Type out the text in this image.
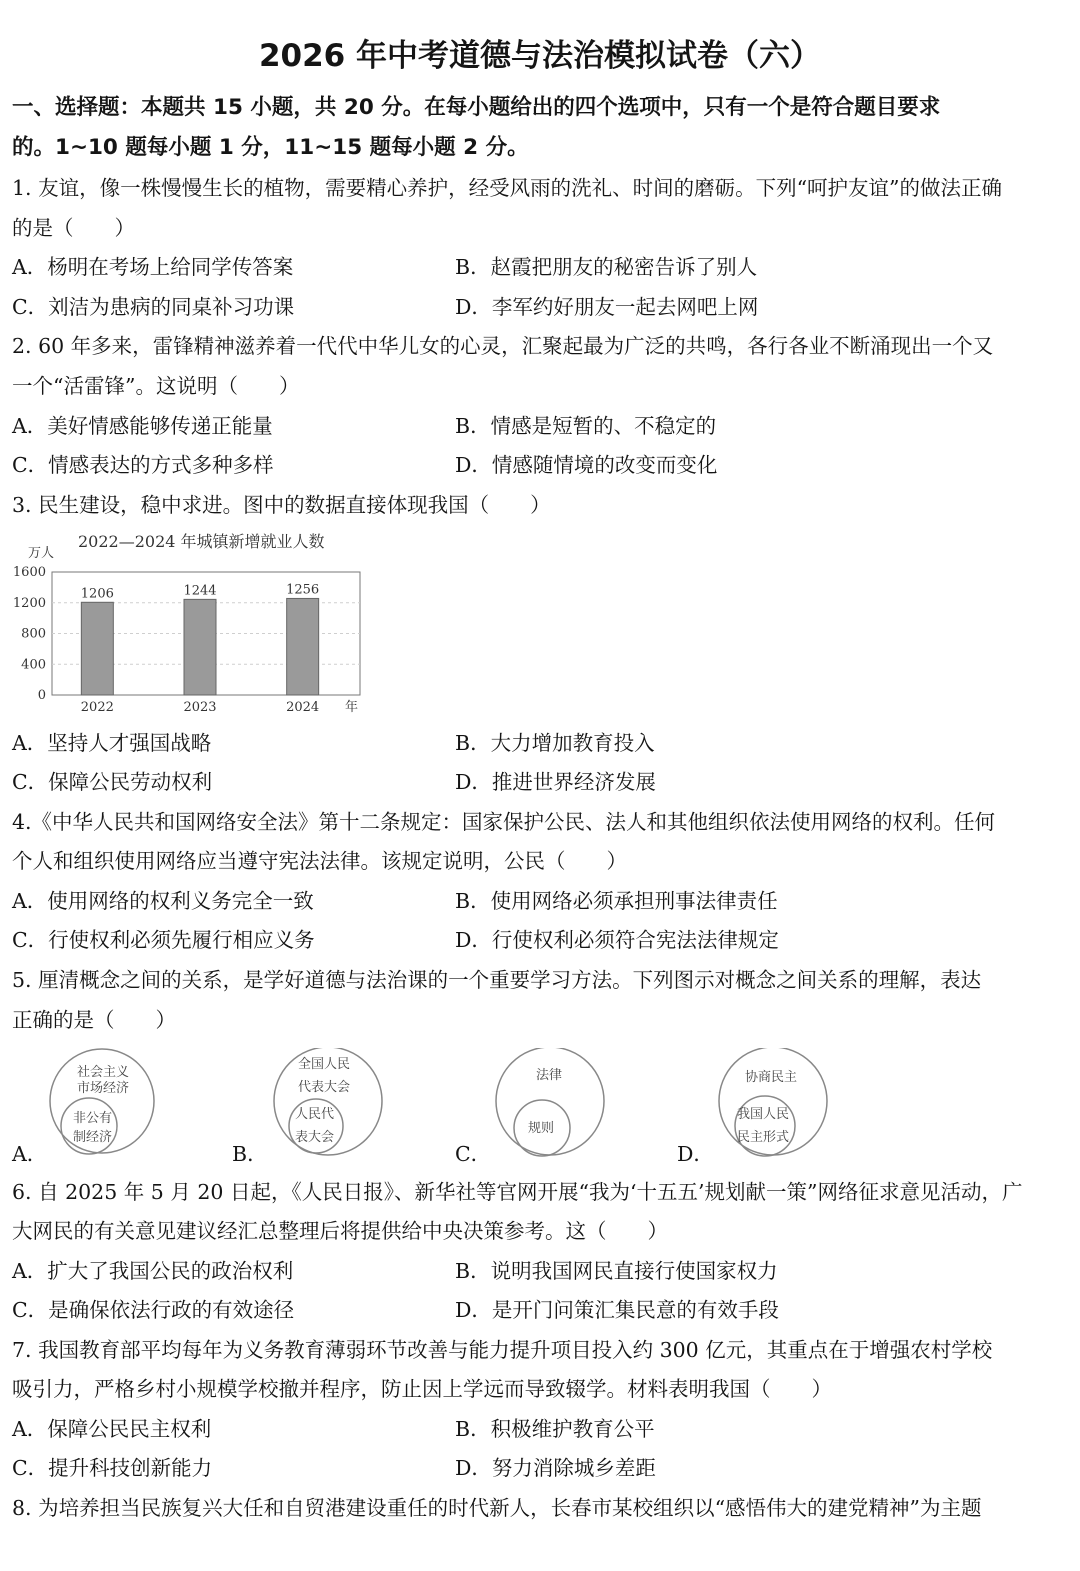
2026 年中考道德与法治模拟试卷（六）
一、选择题：本题共 15 小题，共 20 分。在每小题给出的四个选项中，只有一个是符合题目要求
的。1~10 题每小题 1 分，11~15 题每小题 2 分。
1. 友谊，像一株慢慢生长的植物，需要精心养护，经受风雨的洗礼、时间的磨砺。下列“呵护友谊”的做法正确
的是（　　）
A．杨明在考场上给同学传答案	B．赵霞把朋友的秘密告诉了别人
C．刘洁为患病的同桌补习功课	D．李军约好朋友一起去网吧上网
2. 60 年多来，雷锋精神滋养着一代代中华儿女的心灵，汇聚起最为广泛的共鸣，各行各业不断涌现出一个又
一个“活雷锋”。这说明（　　）
A．美好情感能够传递正能量	B．情感是短暂的、不稳定的
C．情感表达的方式多种多样	D．情感随情境的改变而变化
3. 民生建设，稳中求进。图中的数据直接体现我国（　　）
2022—2024 年城镇新增就业人数
万人
0
400
800
1200
1600
1206	1244	1256
2022	2023	2024 年
A．坚持人才强国战略	B．大力增加教育投入
C．保障公民劳动权利	D．推进世界经济发展
4.《中华人民共和国网络安全法》第十二条规定：国家保护公民、法人和其他组织依法使用网络的权利。任何
个人和组织使用网络应当遵守宪法法律。该规定说明，公民（　　）
A．使用网络的权利义务完全一致	B．使用网络必须承担刑事法律责任
C．行使权利必须先履行相应义务	D．行使权利必须符合宪法法律规定
5. 厘清概念之间的关系，是学好道德与法治课的一个重要学习方法。下列图示对概念之间关系的理解，表达
正确的是（　　）
社会主义
市场经济
非公有
制经济
A．
全国人民
代表大会
人民代
表大会
B．
法律
规则
C．
协商民主
我国人民
民主形式
D．
6. 自 2025 年 5 月 20 日起，《人民日报》、新华社等官网开展“我为‘十五五’规划献一策”网络征求意见活动，广
大网民的有关意见建议经汇总整理后将提供给中央决策参考。这（　　）
A．扩大了我国公民的政治权利	B．说明我国网民直接行使国家权力
C．是确保依法行政的有效途径	D．是开门问策汇集民意的有效手段
7. 我国教育部平均每年为义务教育薄弱环节改善与能力提升项目投入约 300 亿元，其重点在于增强农村学校
吸引力，严格乡村小规模学校撤并程序，防止因上学远而导致辍学。材料表明我国（　　）
A．保障公民民主权利	B．积极维护教育公平
C．提升科技创新能力	D．努力消除城乡差距
8. 为培养担当民族复兴大任和自贸港建设重任的时代新人，长春市某校组织以“感悟伟大的建党精神”为主题
